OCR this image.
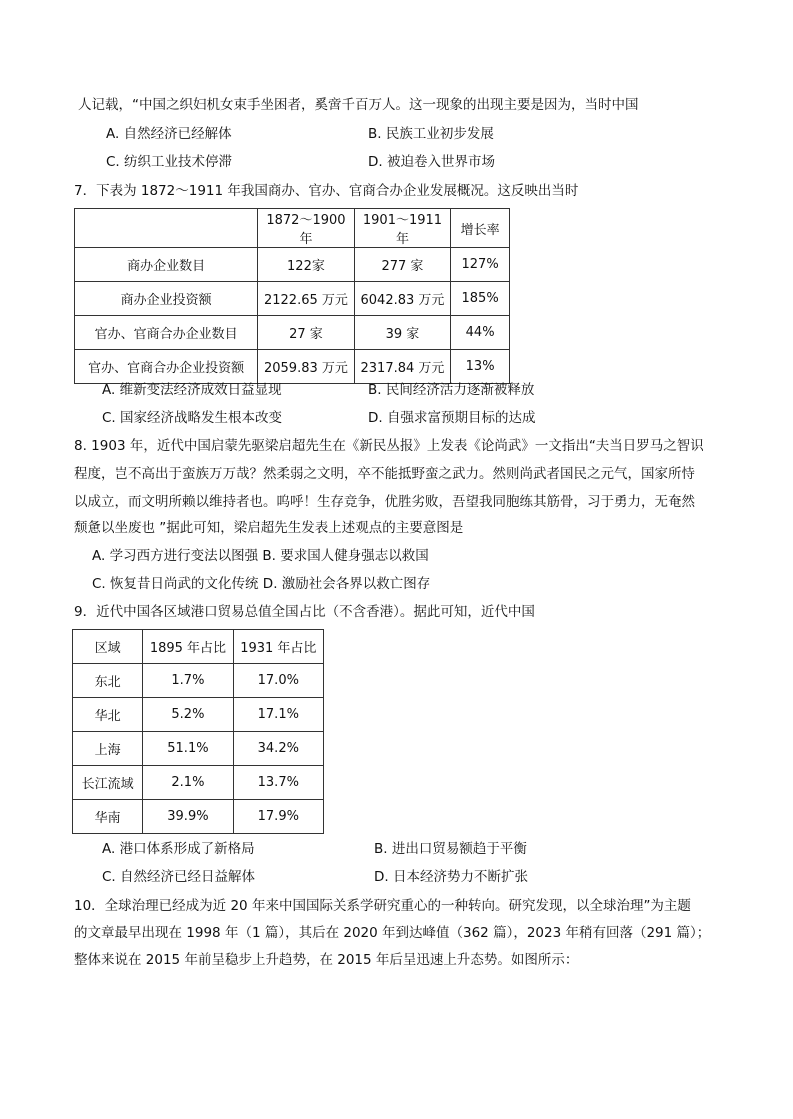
人记载，“中国之织妇机女束手坐困者，奚啻千百万人。这一现象的出现主要是因为，当时中国
A. 自然经济已经解体	B. 民族工业初步发展
C. 纺织工业技术停滞	D. 被迫卷入世界市场
7．下表为 1872～1911 年我国商办、官办、官商合办企业发展概况。这反映出当时
	1872～1900 年	1901～1911 年	增长率
商办企业数目	122家	277 家	127%
商办企业投资额	2122.65 万元	6042.83 万元	185%
官办、官商合办企业数目	27 家	39 家	44%
官办、官商合办企业投资额	2059.83 万元	2317.84 万元	13%
A. 维新变法经济成效日益显现	B. 民间经济活力逐渐被释放
C. 国家经济战略发生根本改变	D. 自强求富预期目标的达成
8. 1903 年，近代中国启蒙先驱梁启超先生在《新民丛报》上发表《论尚武》一文指出“夫当日罗马之智识
程度，岂不高出于蛮族万万哉？然柔弱之文明，卒不能抵野蛮之武力。然则尚武者国民之元气，国家所恃
以成立，而文明所赖以维持者也。呜呼！生存竞争，优胜劣败，吾望我同胞练其筋骨，习于勇力，无奄然
颓惫以坐废也 ”据此可知，梁启超先生发表上述观点的主要意图是
A. 学习西方进行变法以图强 B. 要求国人健身强志以救国
C. 恢复昔日尚武的文化传统 D. 激励社会各界以救亡图存
9．近代中国各区域港口贸易总值全国占比（不含香港）。据此可知，近代中国
区域	1895 年占比	1931 年占比
东北	1.7%	17.0%
华北	5.2%	17.1%
上海	51.1%	34.2%
长江流域	2.1%	13.7%
华南	39.9%	17.9%
A. 港口体系形成了新格局	B. 进出口贸易额趋于平衡
C. 自然经济已经日益解体	D. 日本经济势力不断扩张
10．全球治理已经成为近 20 年来中国国际关系学研究重心的一种转向。研究发现，以全球治理”为主题
的文章最早出现在 1998 年（1 篇），其后在 2020 年到达峰值（362 篇），2023 年稍有回落（291 篇）；
整体来说在 2015 年前呈稳步上升趋势，在 2015 年后呈迅速上升态势。如图所示：
